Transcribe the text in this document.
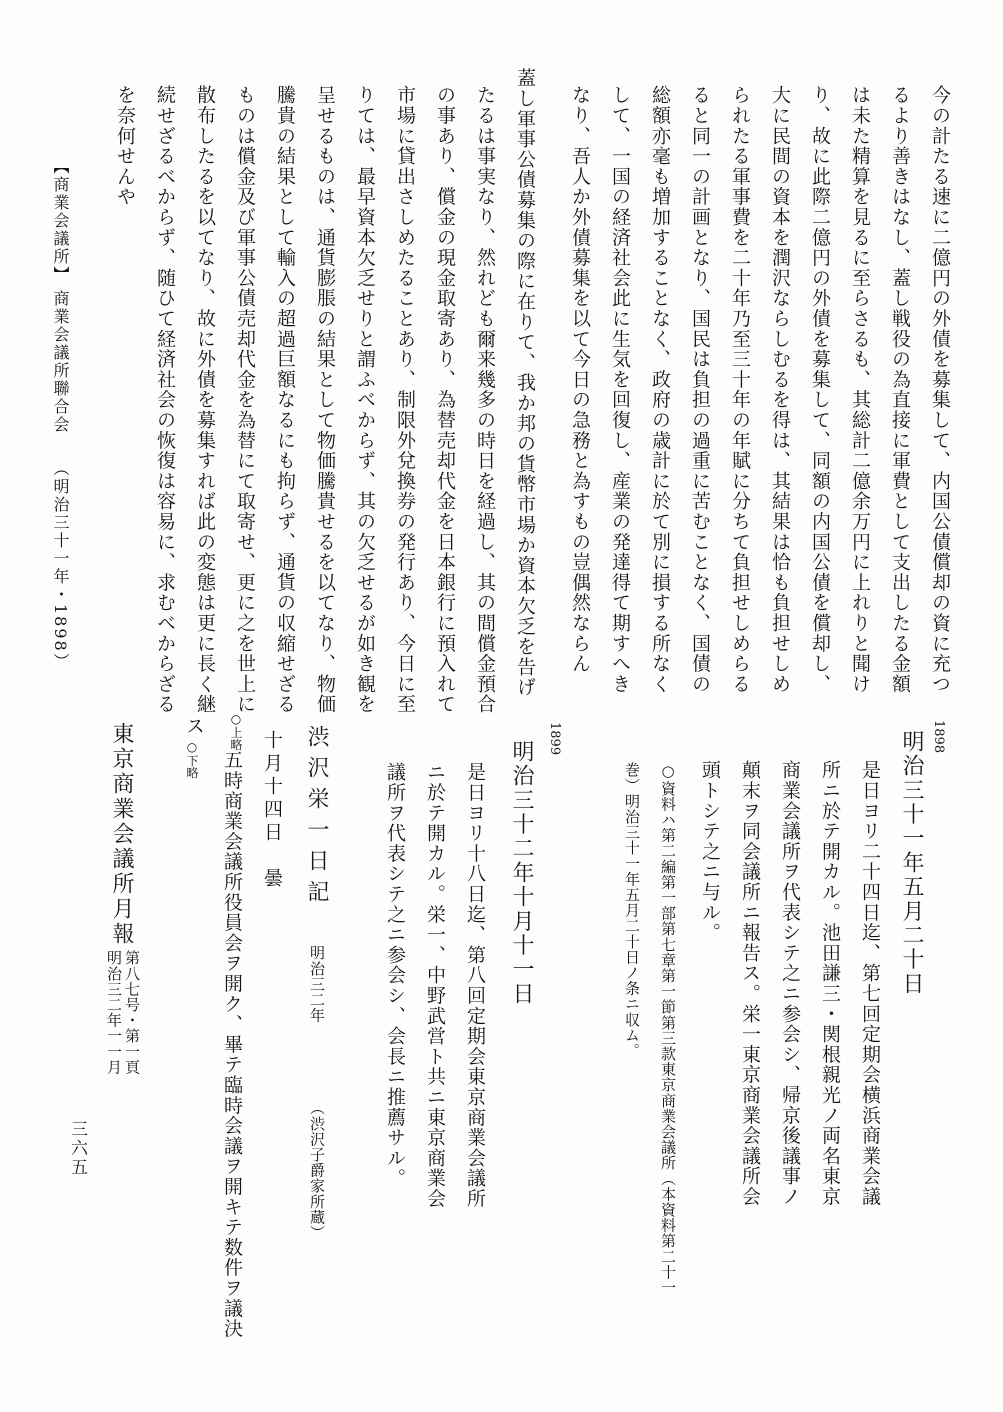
【商業会議所】
商業会議所聯合会
（明治三十一年・1898）	今の計たる速に二億円の外債を募集して、内国公債償却の資に充つ
るより善きはなし、蓋し戦役の為直接に軍費として支出したる金額
は未た精算を見るに至らさるも、其総計二億余万円に上れりと聞け
り、故に此際二億円の外債を募集して、同額の内国公債を償却し、
大に民間の資本を潤沢ならしむるを得は、其結果は恰も負担せしめ
られたる軍事費を二十年乃至三十年の年賦に分ちて負担せしめらる
ると同一の計画となり、国民は負担の過重に苦むことなく、国債の
総額亦毫も増加することなく、政府の歳計に於て別に損する所なく
して、一国の経済社会此に生気を回復し、産業の発達得て期すへき
なり、吾人か外債募集を以て今日の急務と為すもの豈偶然ならん
蓋し軍事公債募集の際に在りて、我か邦の貨幣市場か資本欠乏を告げ
たるは事実なり、然れども爾来幾多の時日を経過し、其の間償金預合
の事あり、償金の現金取寄あり、為替売却代金を日本銀行に預入れて
市場に貸出さしめたることあり、制限外兌換券の発行あり、今日に至
りては、最早資本欠乏せりと謂ふべからず、其の欠乏せるが如き観を
呈せるものは、通貨膨脹の結果として物価騰貴せるを以てなり、物価
騰貴の結果として輸入の超過巨額なるにも拘らず、通貨の収縮せざる
ものは償金及び軍事公債売却代金を為替にて取寄せ、更に之を世上に
散布したるを以てなり、故に外債を募集すれば此の変態は更に長く継
続せざるべからず、随ひて経済社会の恢復は容易に、求むべからざる
を奈何せんや
1898
明治三十一年五月二十日
是日ヨリ二十四日迄、第七回定期会横浜商業会議
所ニ於テ開カル。池田謙三・関根親光ノ両名東京
商業会議所ヲ代表シテ之ニ参会シ、帰京後議事ノ
顛末ヲ同会議所ニ報告ス。栄一東京商業会議所会
頭トシテ之ニ与ル。
○資料ハ第二編第一部第七章第一節第三款東京商業会議所（本資料第二十一
巻）明治三十一年五月二十日ノ条ニ収ム。
1899
明治三十二年十月十一日
是日ヨリ十八日迄、第八回定期会東京商業会議所
ニ於テ開カル。栄一、中野武営ト共ニ東京商業会
議所ヲ代表シテ之ニ参会シ、会長ニ推薦サル。
渋沢栄一日記
明治三二年
（渋沢子爵家所蔵）
十月十四日　曇
○上略
五時商業会議所役員会ヲ開ク、畢テ臨時会議ヲ開キテ数件ヲ議決
ス
○下略
東京商業会議所月報
第八七号・第一頁
明治三二年一一月
三六五
